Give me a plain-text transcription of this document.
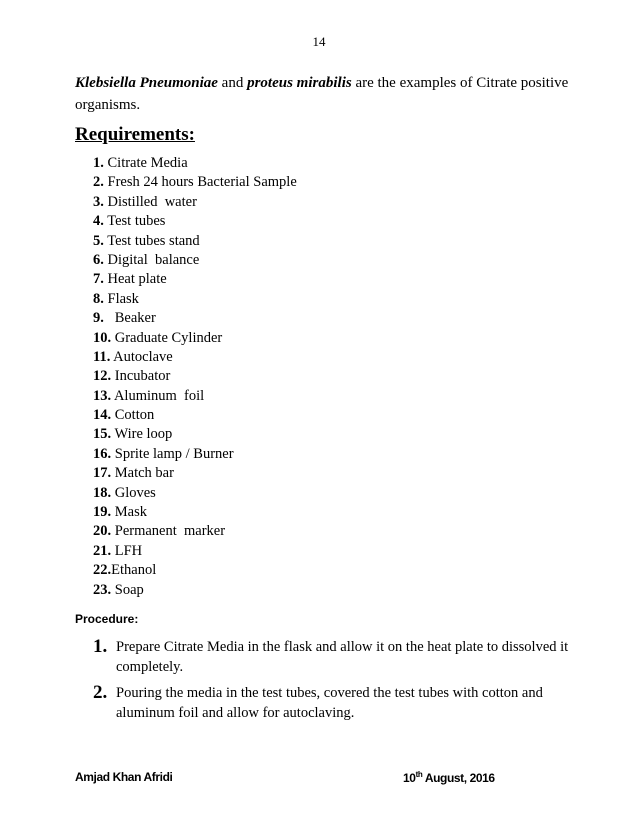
14
Klebsiella Pneumoniae and proteus mirabilis are the examples of Citrate positive organisms.
Requirements:
1. Citrate Media
2. Fresh 24 hours Bacterial Sample
3. Distilled  water
4. Test tubes
5. Test tubes stand
6. Digital  balance
7. Heat plate
8. Flask
9.   Beaker
10. Graduate Cylinder
11. Autoclave
12. Incubator
13. Aluminum  foil
14. Cotton
15. Wire loop
16. Sprite lamp / Burner
17. Match bar
18. Gloves
19. Mask
20. Permanent  marker
21. LFH
22.Ethanol
23. Soap
Procedure:
1. Prepare Citrate Media in the flask and allow it on the heat plate to dissolved it completely.
2. Pouring the media in the test tubes, covered the test tubes with cotton and aluminum foil and allow for autoclaving.
Amjad Khan Afridi	10th August, 2016
